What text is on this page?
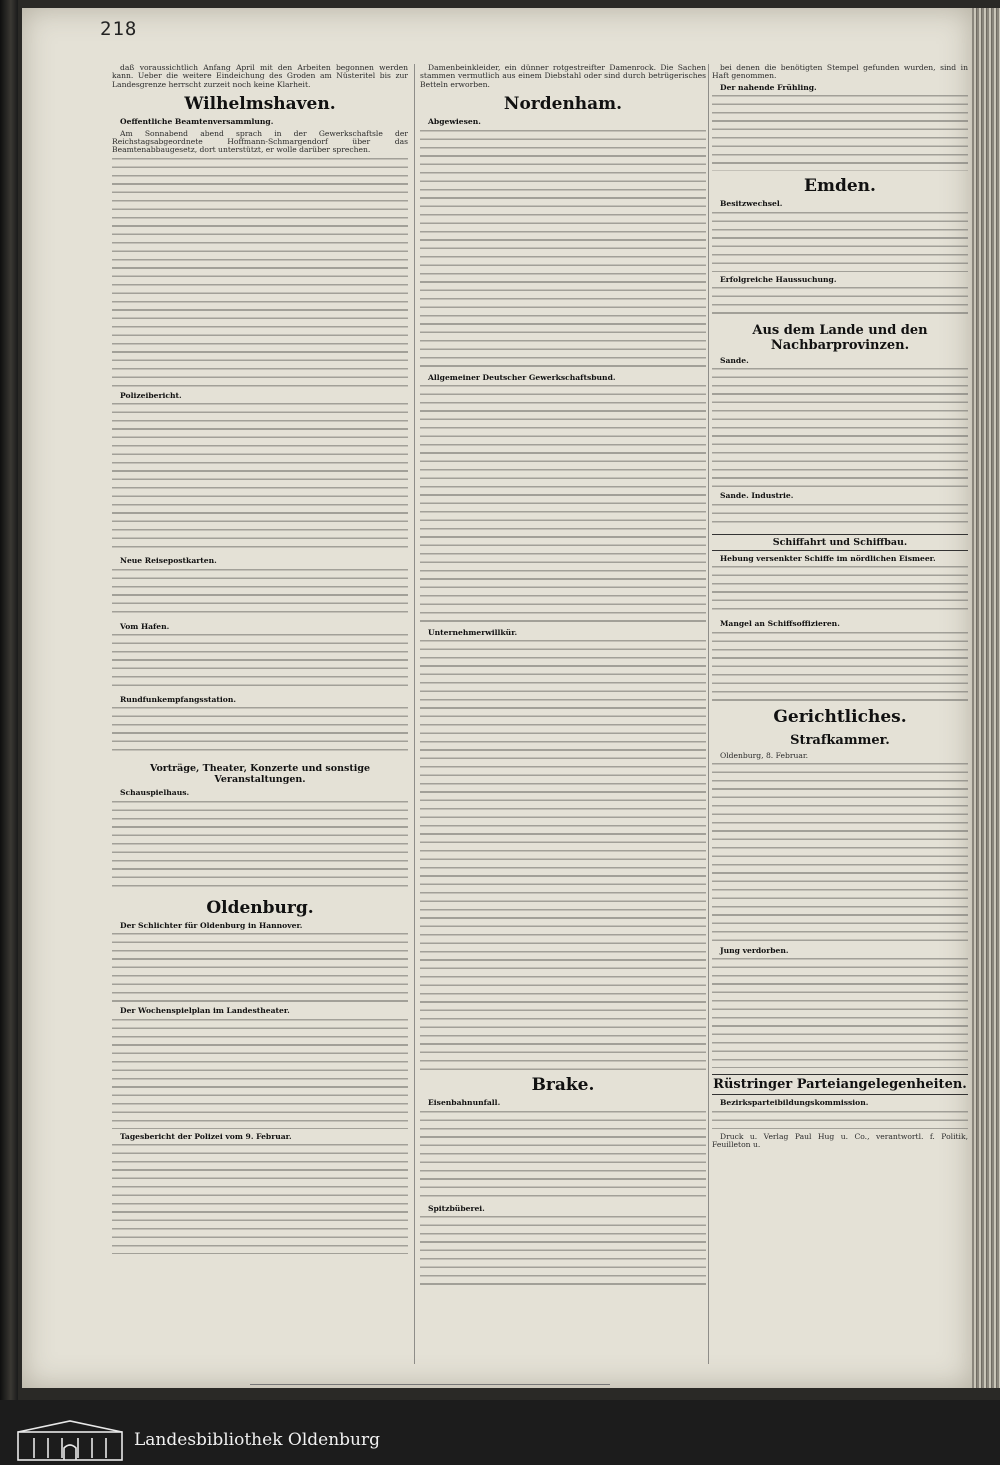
218
daß voraussichtlich Anfang April mit den Arbeiten begonnen werden kann. Ueber die weitere Eindeichung des Groden am Nüsteritel bis zur Landesgrenze herrscht zurzeit noch keine Klarheit.
Wilhelmshaven.
Oeffentliche Beamtenversammlung.
Am Sonnabend abend sprach in der Gewerkschaftsle der Reichstagsabgeordnete Hoffmann-Schmargendorf über das Beamtenabbaugesetz, dort unterstützt, er wolle darüber sprechen.
Polizeibericht.
Neue Reisepostkarten.
Vom Hafen.
Rundfunkempfangsstation.
Vorträge, Theater, Konzerte und sonstige Veranstaltungen.
Schauspielhaus.
Oldenburg.
Der Schlichter für Oldenburg in Hannover.
Der Wochenspielplan im Landestheater.
Tagesbericht der Polizei vom 9. Februar.
Damenbeinkleider, ein dünner rotgestreifter Damenrock. Die Sachen stammen vermutlich aus einem Diebstahl oder sind durch betrügerisches Betteln erworben.
Nordenham.
Abgewiesen.
Allgemeiner Deutscher Gewerkschaftsbund.
Unternehmerwillkür.
Brake.
Eisenbahnunfall.
Spitzbüberei.
bei denen die benötigten Stempel gefunden wurden, sind in Haft genommen.
Der nahende Frühling.
Emden.
Besitzwechsel.
Erfolgreiche Haussuchung.
Aus dem Lande und den Nachbarprovinzen.
Sande.
Sande. Industrie.
Schiffahrt und Schiffbau.
Hebung versenkter Schiffe im nördlichen Eismeer.
Mangel an Schiffsoffizieren.
Gerichtliches.
Strafkammer.
Oldenburg, 8. Februar.
Jung verdorben.
Rüstringer Parteiangelegenheiten.
Bezirksparteibildungskommission.
Druck u. Verlag Paul Hug u. Co., verantwortl. f. Politik, Feuilleton u.
Landesbibliothek Oldenburg
